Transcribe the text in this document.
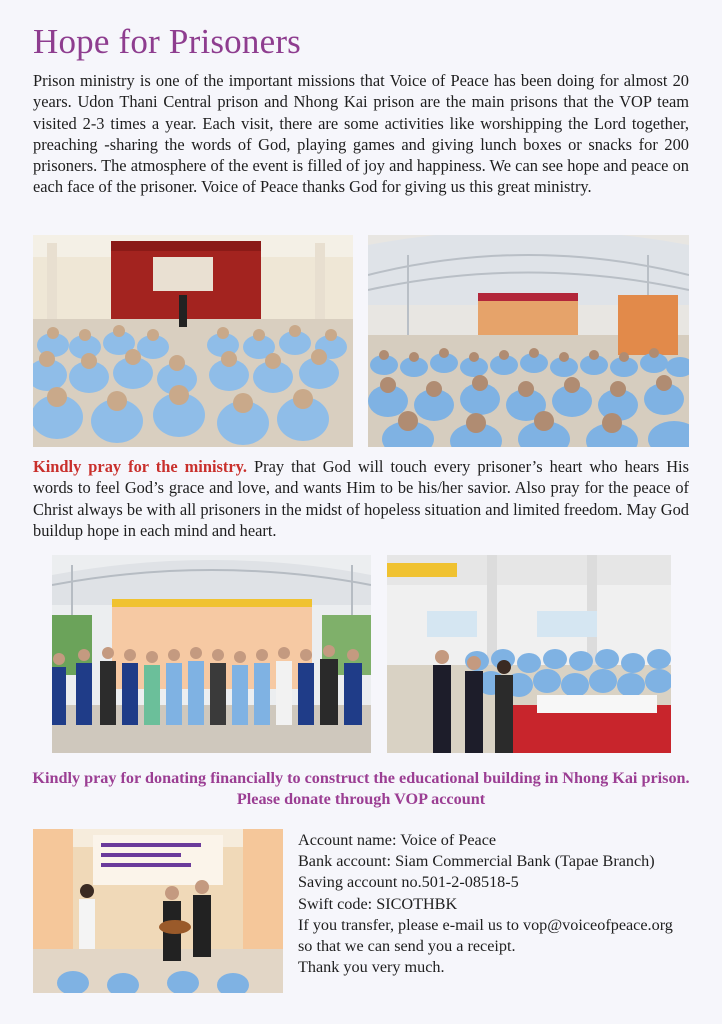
Hope for Prisoners

Prison ministry is one of the important missions that Voice of Peace has been doing for almost 20 years. Udon Thani Central prison and Nhong Kai prison are the main prisons that the VOP team visited 2-3 times a year. Each visit, there are some activities like worshipping the Lord together, preaching -sharing the words of God, playing games and giving lunch boxes or snacks for 200 prisoners. The atmosphere of the event is filled of joy and happiness. We can see hope and peace on each face of the prisoner. Voice of Peace thanks God for giving us this great ministry.

Kindly pray for the ministry. Pray that God will touch every prisoner’s heart who hears His words to feel God’s grace and love, and wants Him to be his/her savior. Also pray for the peace of Christ always be with all prisoners in the midst of hopeless situation and limited freedom. May God buildup hope in each mind and heart.

Kindly pray for donating financially to construct the educational building in Nhong Kai prison. Please donate through VOP account

Account name: Voice of Peace
Bank account: Siam Commercial Bank (Tapae Branch)
Saving account no.501-2-08518-5
Swift code: SICOTHBK
If you transfer, please e-mail us to vop@voiceofpeace.org
so that we can send you a receipt.
Thank you very much.
